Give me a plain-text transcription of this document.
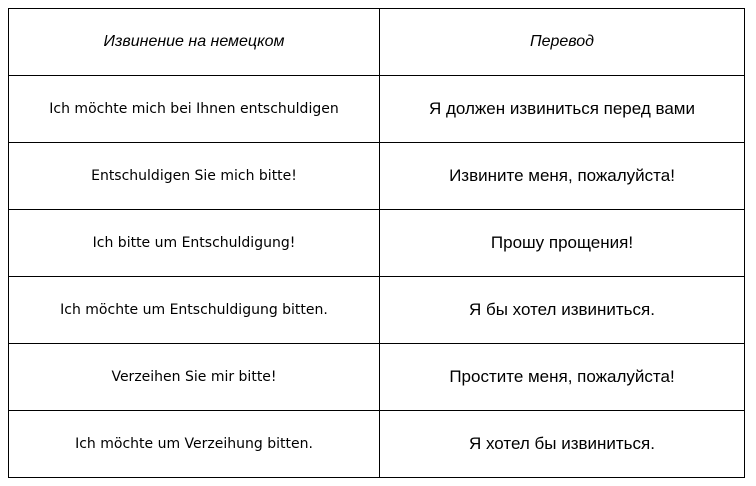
Извинение на немецком	Перевод
Ich möchte mich bei Ihnen entschuldigen	Я должен извиниться перед вами
Entschuldigen Sie mich bitte!	Извините меня, пожалуйста!
Ich bitte um Entschuldigung!	Прошу прощения!
Ich möchte um Entschuldigung bitten.	Я бы хотел извиниться.
Verzeihen Sie mir bitte!	Простите меня, пожалуйста!
Ich möchte um Verzeihung bitten.	Я хотел бы извиниться.
